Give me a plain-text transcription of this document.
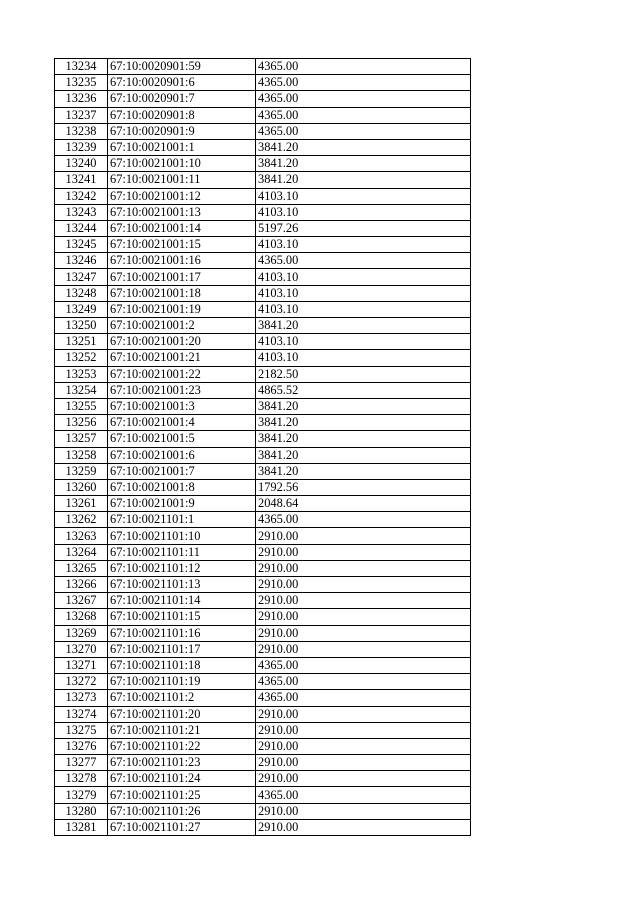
13234	67:10:0020901:59	4365.00
13235	67:10:0020901:6	4365.00
13236	67:10:0020901:7	4365.00
13237	67:10:0020901:8	4365.00
13238	67:10:0020901:9	4365.00
13239	67:10:0021001:1	3841.20
13240	67:10:0021001:10	3841.20
13241	67:10:0021001:11	3841.20
13242	67:10:0021001:12	4103.10
13243	67:10:0021001:13	4103.10
13244	67:10:0021001:14	5197.26
13245	67:10:0021001:15	4103.10
13246	67:10:0021001:16	4365.00
13247	67:10:0021001:17	4103.10
13248	67:10:0021001:18	4103.10
13249	67:10:0021001:19	4103.10
13250	67:10:0021001:2	3841.20
13251	67:10:0021001:20	4103.10
13252	67:10:0021001:21	4103.10
13253	67:10:0021001:22	2182.50
13254	67:10:0021001:23	4865.52
13255	67:10:0021001:3	3841.20
13256	67:10:0021001:4	3841.20
13257	67:10:0021001:5	3841.20
13258	67:10:0021001:6	3841.20
13259	67:10:0021001:7	3841.20
13260	67:10:0021001:8	1792.56
13261	67:10:0021001:9	2048.64
13262	67:10:0021101:1	4365.00
13263	67:10:0021101:10	2910.00
13264	67:10:0021101:11	2910.00
13265	67:10:0021101:12	2910.00
13266	67:10:0021101:13	2910.00
13267	67:10:0021101:14	2910.00
13268	67:10:0021101:15	2910.00
13269	67:10:0021101:16	2910.00
13270	67:10:0021101:17	2910.00
13271	67:10:0021101:18	4365.00
13272	67:10:0021101:19	4365.00
13273	67:10:0021101:2	4365.00
13274	67:10:0021101:20	2910.00
13275	67:10:0021101:21	2910.00
13276	67:10:0021101:22	2910.00
13277	67:10:0021101:23	2910.00
13278	67:10:0021101:24	2910.00
13279	67:10:0021101:25	4365.00
13280	67:10:0021101:26	2910.00
13281	67:10:0021101:27	2910.00
